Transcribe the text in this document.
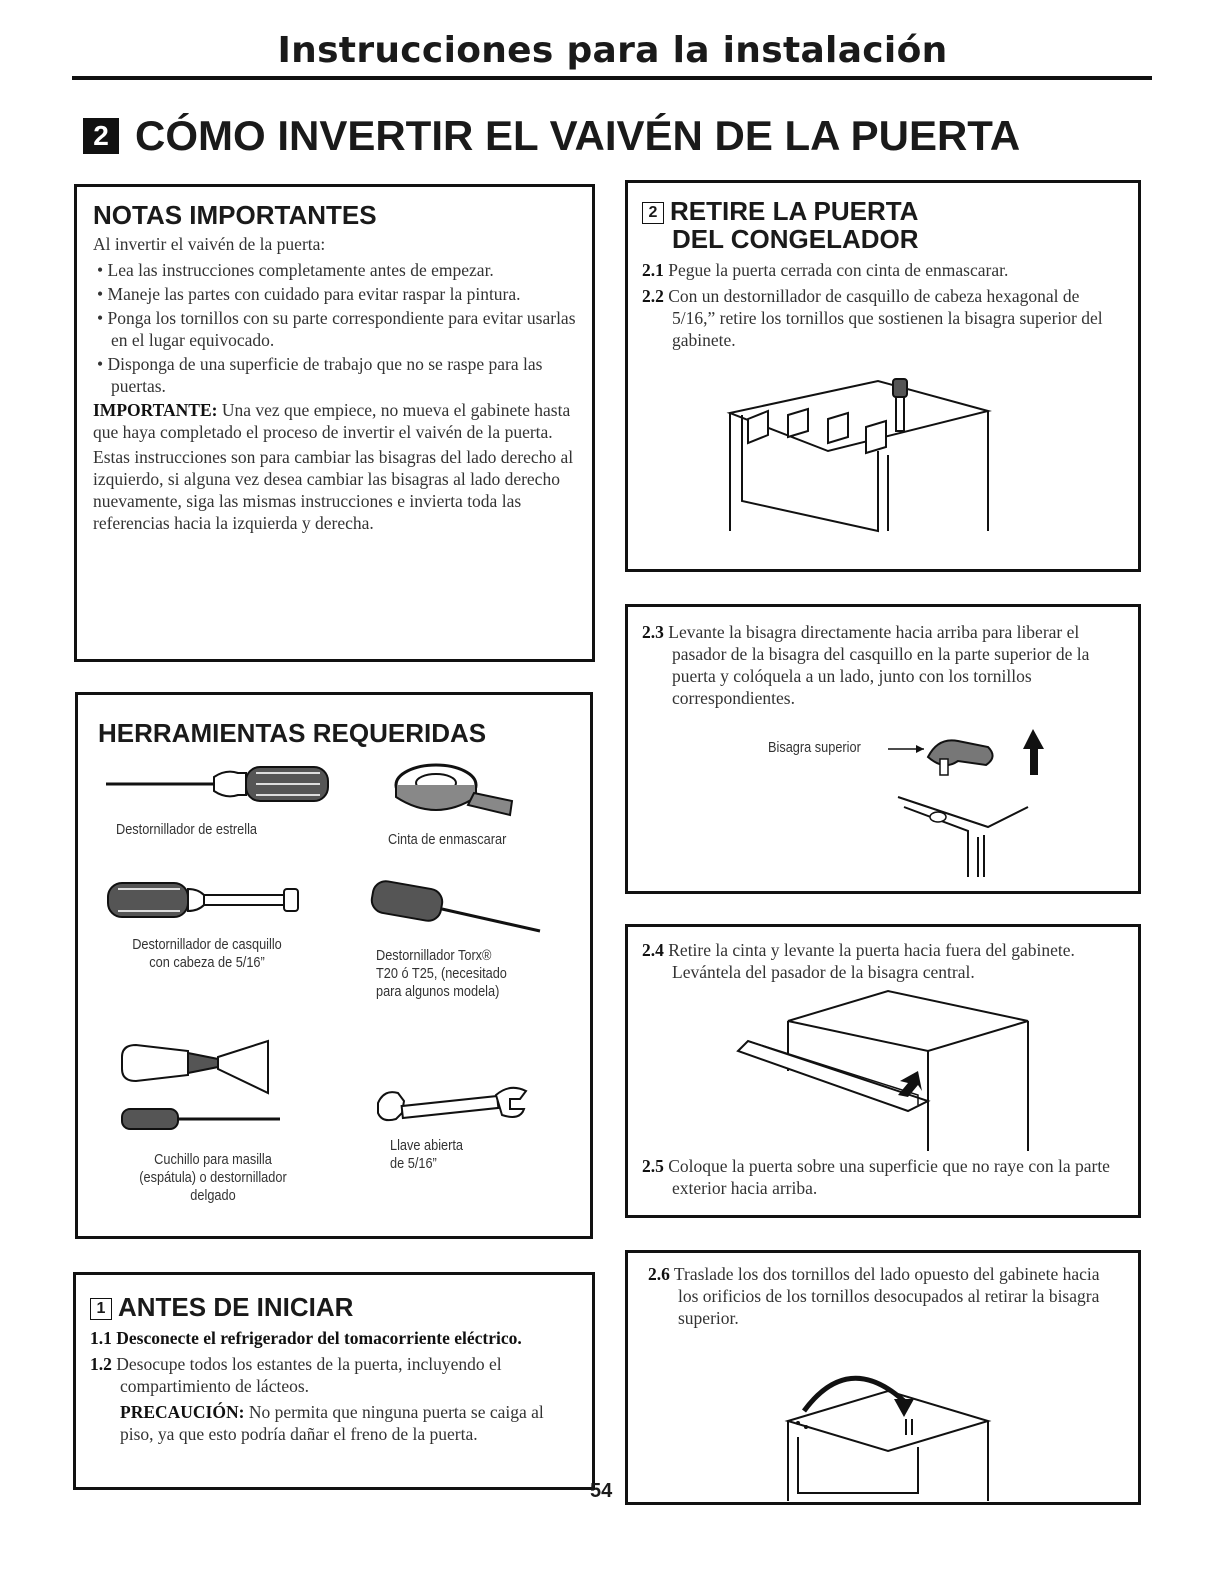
Instrucciones para la instalación
2 CÓMO INVERTIR EL VAIVÉN DE LA PUERTA
NOTAS IMPORTANTES
Al invertir el vaivén de la puerta:
• Lea las instrucciones completamente antes de empezar.
• Maneje las partes con cuidado para evitar raspar la pintura.
• Ponga los tornillos con su parte correspondiente para evitar usarlas en el lugar equivocado.
• Disponga de una superficie de trabajo que no se raspe para las puertas.
IMPORTANTE: Una vez que empiece, no mueva el gabinete hasta que haya completado el proceso de invertir el vaivén de la puerta.
Estas instrucciones son para cambiar las bisagras del lado derecho al izquierdo, si alguna vez desea cambiar las bisagras al lado derecho nuevamente, siga las mismas instrucciones e invierta toda las referencias hacia la izquierda y derecha.
HERRAMIENTAS REQUERIDAS
Destornillador de estrella
Cinta de enmascarar
Destornillador de casquillo
con cabeza de 5/16”	Destornillador Torx®
T20 ó T25, (necesitado
para algunos modela)
Cuchillo para masilla
(espátula) o destornillador
delgado
Llave abierta
de 5/16”
1 ANTES DE INICIAR
1.1 Desconecte el refrigerador del tomacorriente eléctrico.
1.2 Desocupe todos los estantes de la puerta, incluyendo el compartimiento de lácteos.
PRECAUCIÓN: No permita que ninguna puerta se caiga al piso, ya que esto podría dañar el freno de la puerta.
2 RETIRE LA PUERTA
DEL CONGELADOR
2.1 Pegue la puerta cerrada con cinta de enmascarar.
2.2 Con un destornillador de casquillo de cabeza hexagonal de 5/16,” retire los tornillos que sostienen la bisagra superior del gabinete.
2.3 Levante la bisagra directamente hacia arriba para liberar el pasador de la bisagra del casquillo en la parte superior de la puerta y colóquela a un lado, junto con los tornillos correspondientes.
Bisagra superior
2.4 Retire la cinta y levante la puerta hacia fuera del gabinete. Levántela del pasador de la bisagra central.
2.5 Coloque la puerta sobre una superficie que no raye con la parte exterior hacia arriba.
2.6 Traslade los dos tornillos del lado opuesto del gabinete hacia los orificios de los tornillos desocupados al retirar la bisagra superior.
54
